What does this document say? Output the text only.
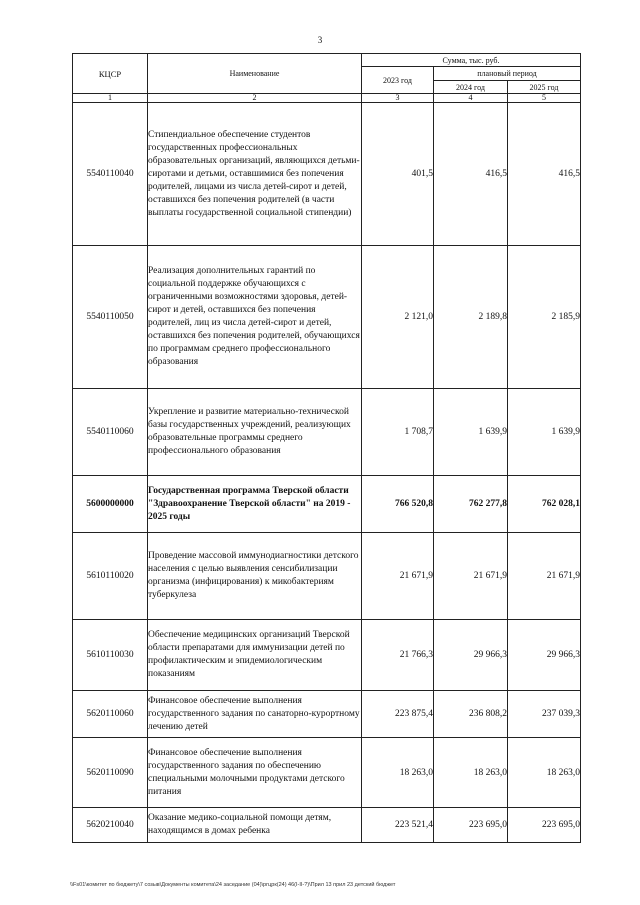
3
КЦСР	Наименование	Сумма, тыс. руб.		
		2023 год	плановый период	
			2024 год	2025 год
1	2	3	4	5
5540110040	Стипендиальное обеспечение студентов государственных профессиональных образовательных организаций, являющихся детьми-сиротами и детьми, оставшимися без попечения родителей, лицами из числа детей-сирот и детей, оставшихся без попечения родителей (в части выплаты государственной социальной стипендии)	401,5	416,5	416,5
5540110050	Реализация дополнительных гарантий по социальной поддержке обучающихся с ограниченными возможностями здоровья, детей-сирот и детей, оставшихся без попечения родителей, лиц из числа детей-сирот и детей, оставшихся без попечения родителей, обучающихся по программам среднего профессионального образования	2 121,0	2 189,8	2 185,9
5540110060	Укрепление и развитие материально-технической базы государственных учреждений, реализующих образовательные программы среднего профессионального образования	1 708,7	1 639,9	1 639,9
5600000000	Государственная программа Тверской области "Здравоохранение Тверской области" на 2019 - 2025 годы	766 520,8	762 277,8	762 028,1
5610110020	Проведение массовой иммунодиагностики детского населения с целью выявления сенсибилизации организма (инфицирования) к микобактериям туберкулеза	21 671,9	21 671,9	21 671,9
5610110030	Обеспечение медицинских организаций Тверской области препаратами для иммунизации детей по профилактическим и эпидемиологическим показаниям	21 766,3	29 966,3	29 966,3
5620110060	Финансовое обеспечение выполнения государственного задания по санаторно-курортному лечению детей	223 875,4	236 808,2	237 039,3
5620110090	Финансовое обеспечение выполнения государственного задания по обеспечению специальными молочными продуктами детского питания	18 263,0	18 263,0	18 263,0
5620210040	Оказание медико-социальной помощи детям, находящимся в домах ребенка	223 521,4	223 695,0	223 695,0
\\Fs01\комитет по бюджету\7 созыв\Документы комитета\24 заседание (04)\ргцрк(24) 46(I-II-?)\Прил 13 прил 23 детский бюджет
